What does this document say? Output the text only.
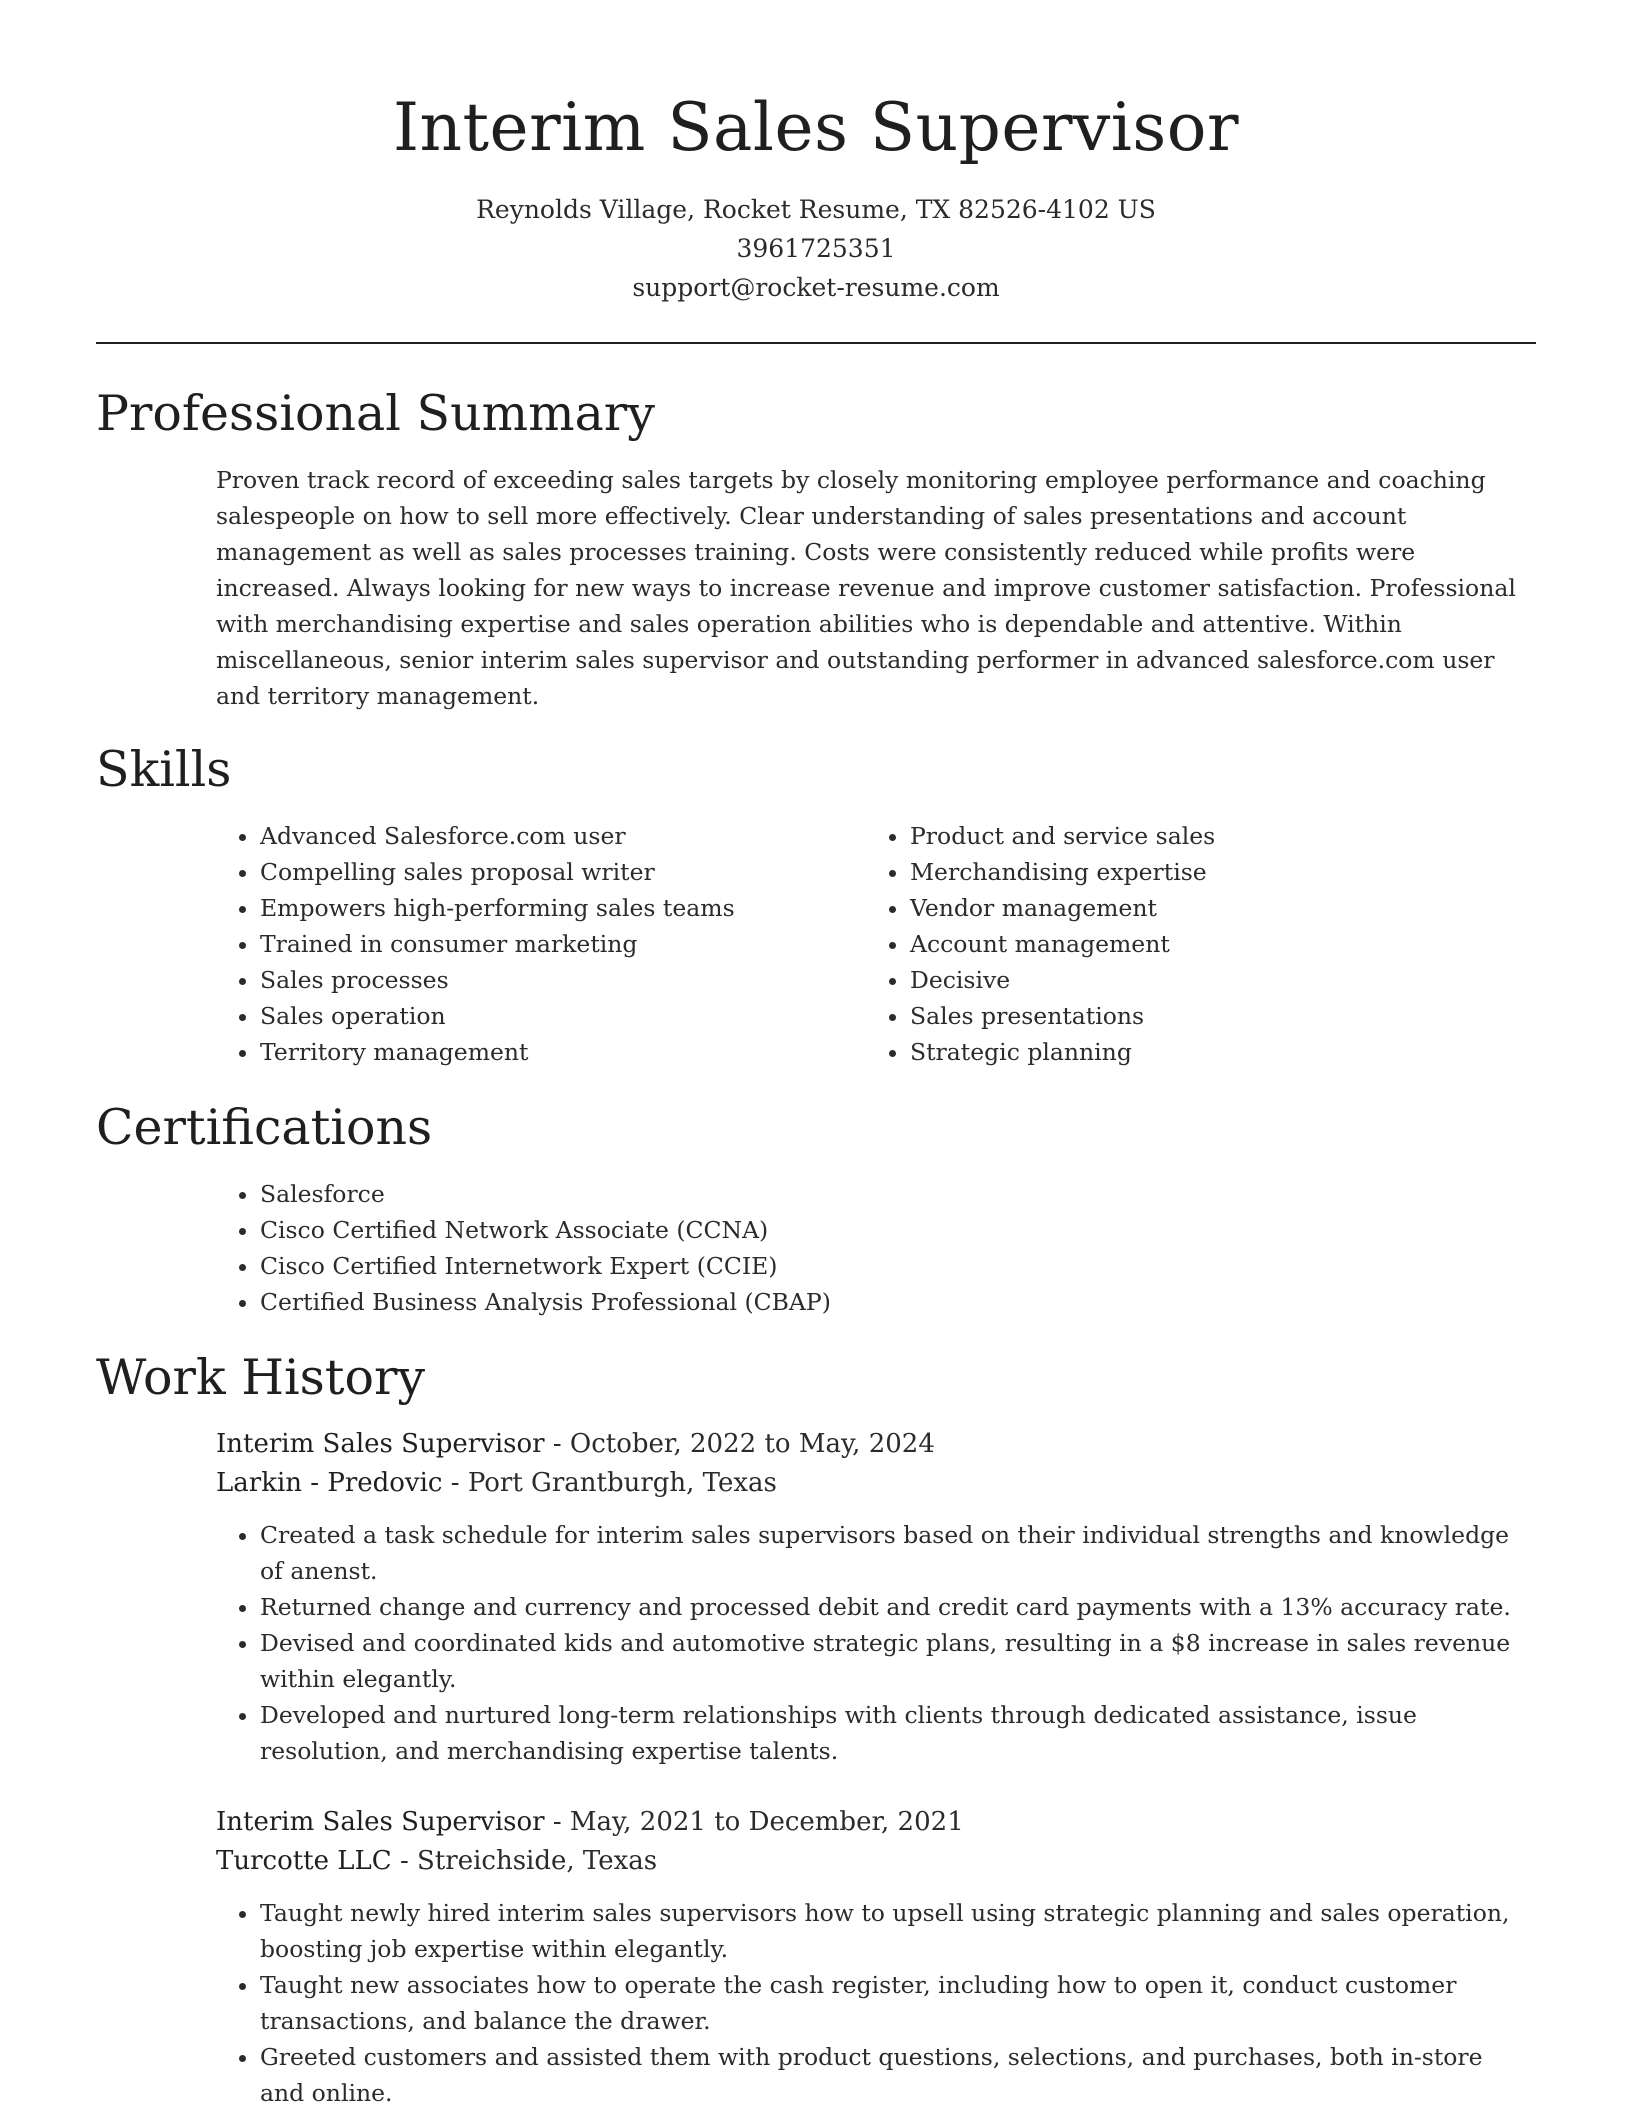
Interim Sales Supervisor
Reynolds Village, Rocket Resume, TX 82526-4102 US
3961725351
support@rocket-resume.com
Professional Summary

Proven track record of exceeding sales targets by closely monitoring employee performance and coaching salespeople on how to sell more effectively. Clear understanding of sales presentations and account management as well as sales processes training. Costs were consistently reduced while profits were increased. Always looking for new ways to increase revenue and improve customer satisfaction. Professional with merchandising expertise and sales operation abilities who is dependable and attentive. Within miscellaneous, senior interim sales supervisor and outstanding performer in advanced salesforce.com user and territory management.

Skills
• Advanced Salesforce.com user
• Compelling sales proposal writer
• Empowers high-performing sales teams
• Trained in consumer marketing
• Sales processes
• Sales operation
• Territory management
• Product and service sales
• Merchandising expertise
• Vendor management
• Account management
• Decisive
• Sales presentations
• Strategic planning
Certifications
• Salesforce
• Cisco Certified Network Associate (CCNA)
• Cisco Certified Internetwork Expert (CCIE)
• Certified Business Analysis Professional (CBAP)
Work History
Interim Sales Supervisor - October, 2022 to May, 2024
Larkin - Predovic - Port Grantburgh, Texas
• Created a task schedule for interim sales supervisors based on their individual strengths and knowledge of anenst.
• Returned change and currency and processed debit and credit card payments with a 13% accuracy rate.
• Devised and coordinated kids and automotive strategic plans, resulting in a $8 increase in sales revenue within elegantly.
• Developed and nurtured long-term relationships with clients through dedicated assistance, issue resolution, and merchandising expertise talents.
Interim Sales Supervisor - May, 2021 to December, 2021
Turcotte LLC - Streichside, Texas
• Taught newly hired interim sales supervisors how to upsell using strategic planning and sales operation, boosting job expertise within elegantly.
• Taught new associates how to operate the cash register, including how to open it, conduct customer transactions, and balance the drawer.
• Greeted customers and assisted them with product questions, selections, and purchases, both in-store and online.
